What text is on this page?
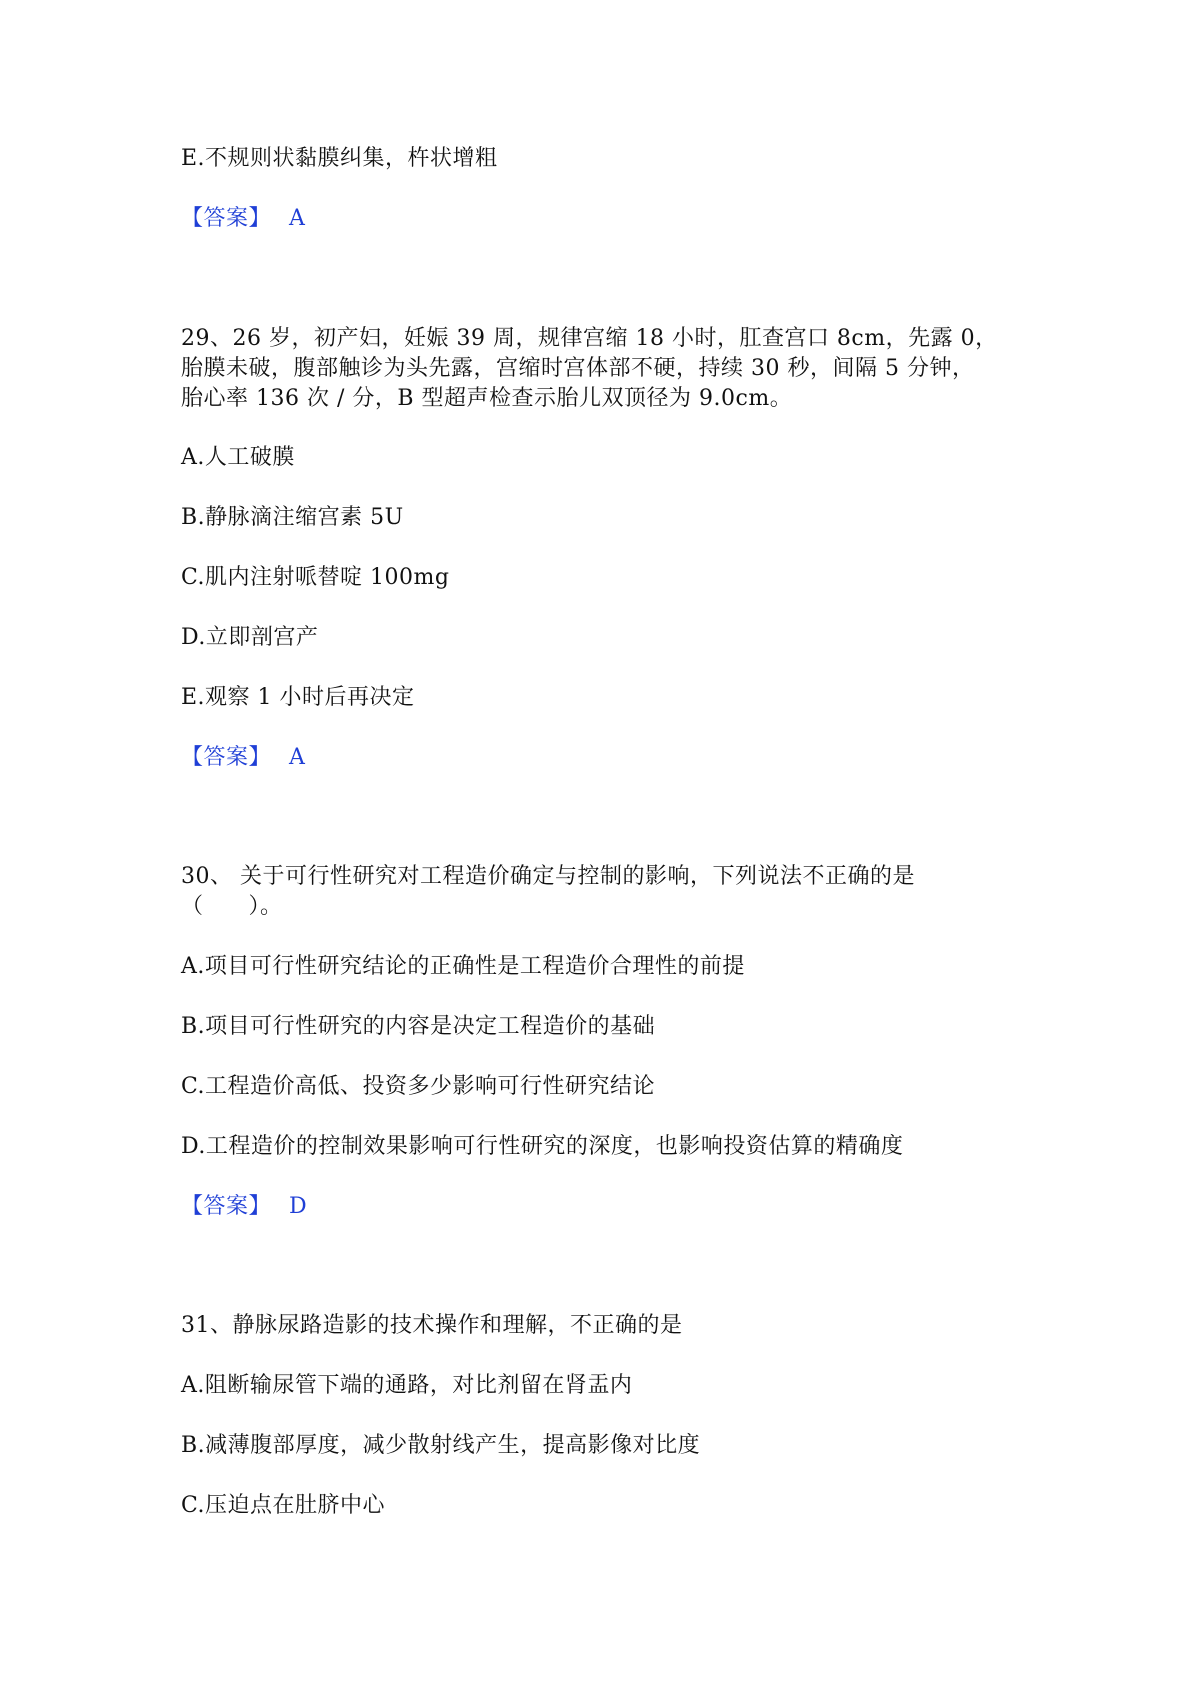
E.不规则状黏膜纠集，杵状增粗
【答案】 A
29、26 岁，初产妇，妊娠 39 周，规律宫缩 18 小时，肛查宫口 8cm，先露 0，
胎膜未破，腹部触诊为头先露，宫缩时宫体部不硬，持续 30 秒，间隔 5 分钟，
胎心率 136 次 / 分，B 型超声检查示胎儿双顶径为 9.0cm。
A.人工破膜
B.静脉滴注缩宫素 5U
C.肌内注射哌替啶 100mg
D.立即剖宫产
E.观察 1 小时后再决定
【答案】 A
30、 关于可行性研究对工程造价确定与控制的影响，下列说法不正确的是
（　　）。
A.项目可行性研究结论的正确性是工程造价合理性的前提
B.项目可行性研究的内容是决定工程造价的基础
C.工程造价高低、投资多少影响可行性研究结论
D.工程造价的控制效果影响可行性研究的深度，也影响投资估算的精确度
【答案】 D
31、静脉尿路造影的技术操作和理解，不正确的是
A.阻断输尿管下端的通路，对比剂留在肾盂内
B.减薄腹部厚度，减少散射线产生，提高影像对比度
C.压迫点在肚脐中心
